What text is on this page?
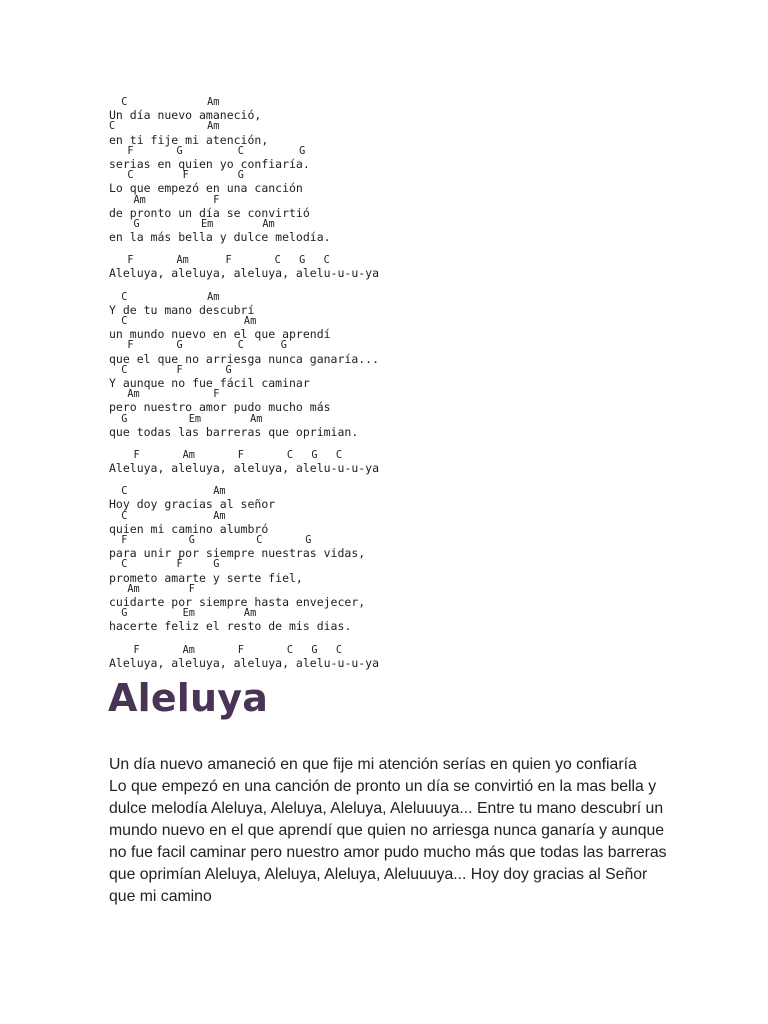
C             Am
Un día nuevo amaneció,
C               Am
en ti fije mi atención,
F       G         C         G
serias en quien yo confiaría.
C        F        G
Lo que empezó en una canción
Am           F
de pronto un día se convirtió
G          Em        Am
en la más bella y dulce melodía.
F       Am      F       C   G   C
Aleluya, aleluya, aleluya, alelu-u-u-ya
C             Am
Y de tu mano descubrí
C                   Am
un mundo nuevo en el que aprendí
F       G         C      G
que el que no arriesga nunca ganaría...
C        F       G
Y aunque no fue fácil caminar
Am            F
pero nuestro amor pudo mucho más
G          Em        Am
que todas las barreras que oprimian.
F       Am       F       C   G   C
Aleluya, aleluya, aleluya, alelu-u-u-ya
C              Am
Hoy doy gracias al señor
C              Am
quien mi camino alumbró
F          G          C       G
para unir por siempre nuestras vidas,
C        F     G
prometo amarte y serte fiel,
Am        F
cuidarte por siempre hasta envejecer,
G         Em        Am
hacerte feliz el resto de mis dias.
F       Am       F       C   G   C
Aleluya, aleluya, aleluya, alelu-u-u-ya
Aleluya

Un día nuevo amaneció en que fije mi atención serías en quien yo confiaría
Lo que empezó en una canción de pronto un día se convirtió en la mas bella y dulce melodía Aleluya, Aleluya, Aleluya, Aleluuuya... Entre tu mano descubrí un mundo nuevo en el que aprendí que quien no arriesga nunca ganaría y aunque no fue facil caminar pero nuestro amor pudo mucho más que todas las barreras que oprimían Aleluya, Aleluya, Aleluya, Aleluuuya... Hoy doy gracias al Señor que mi camino
